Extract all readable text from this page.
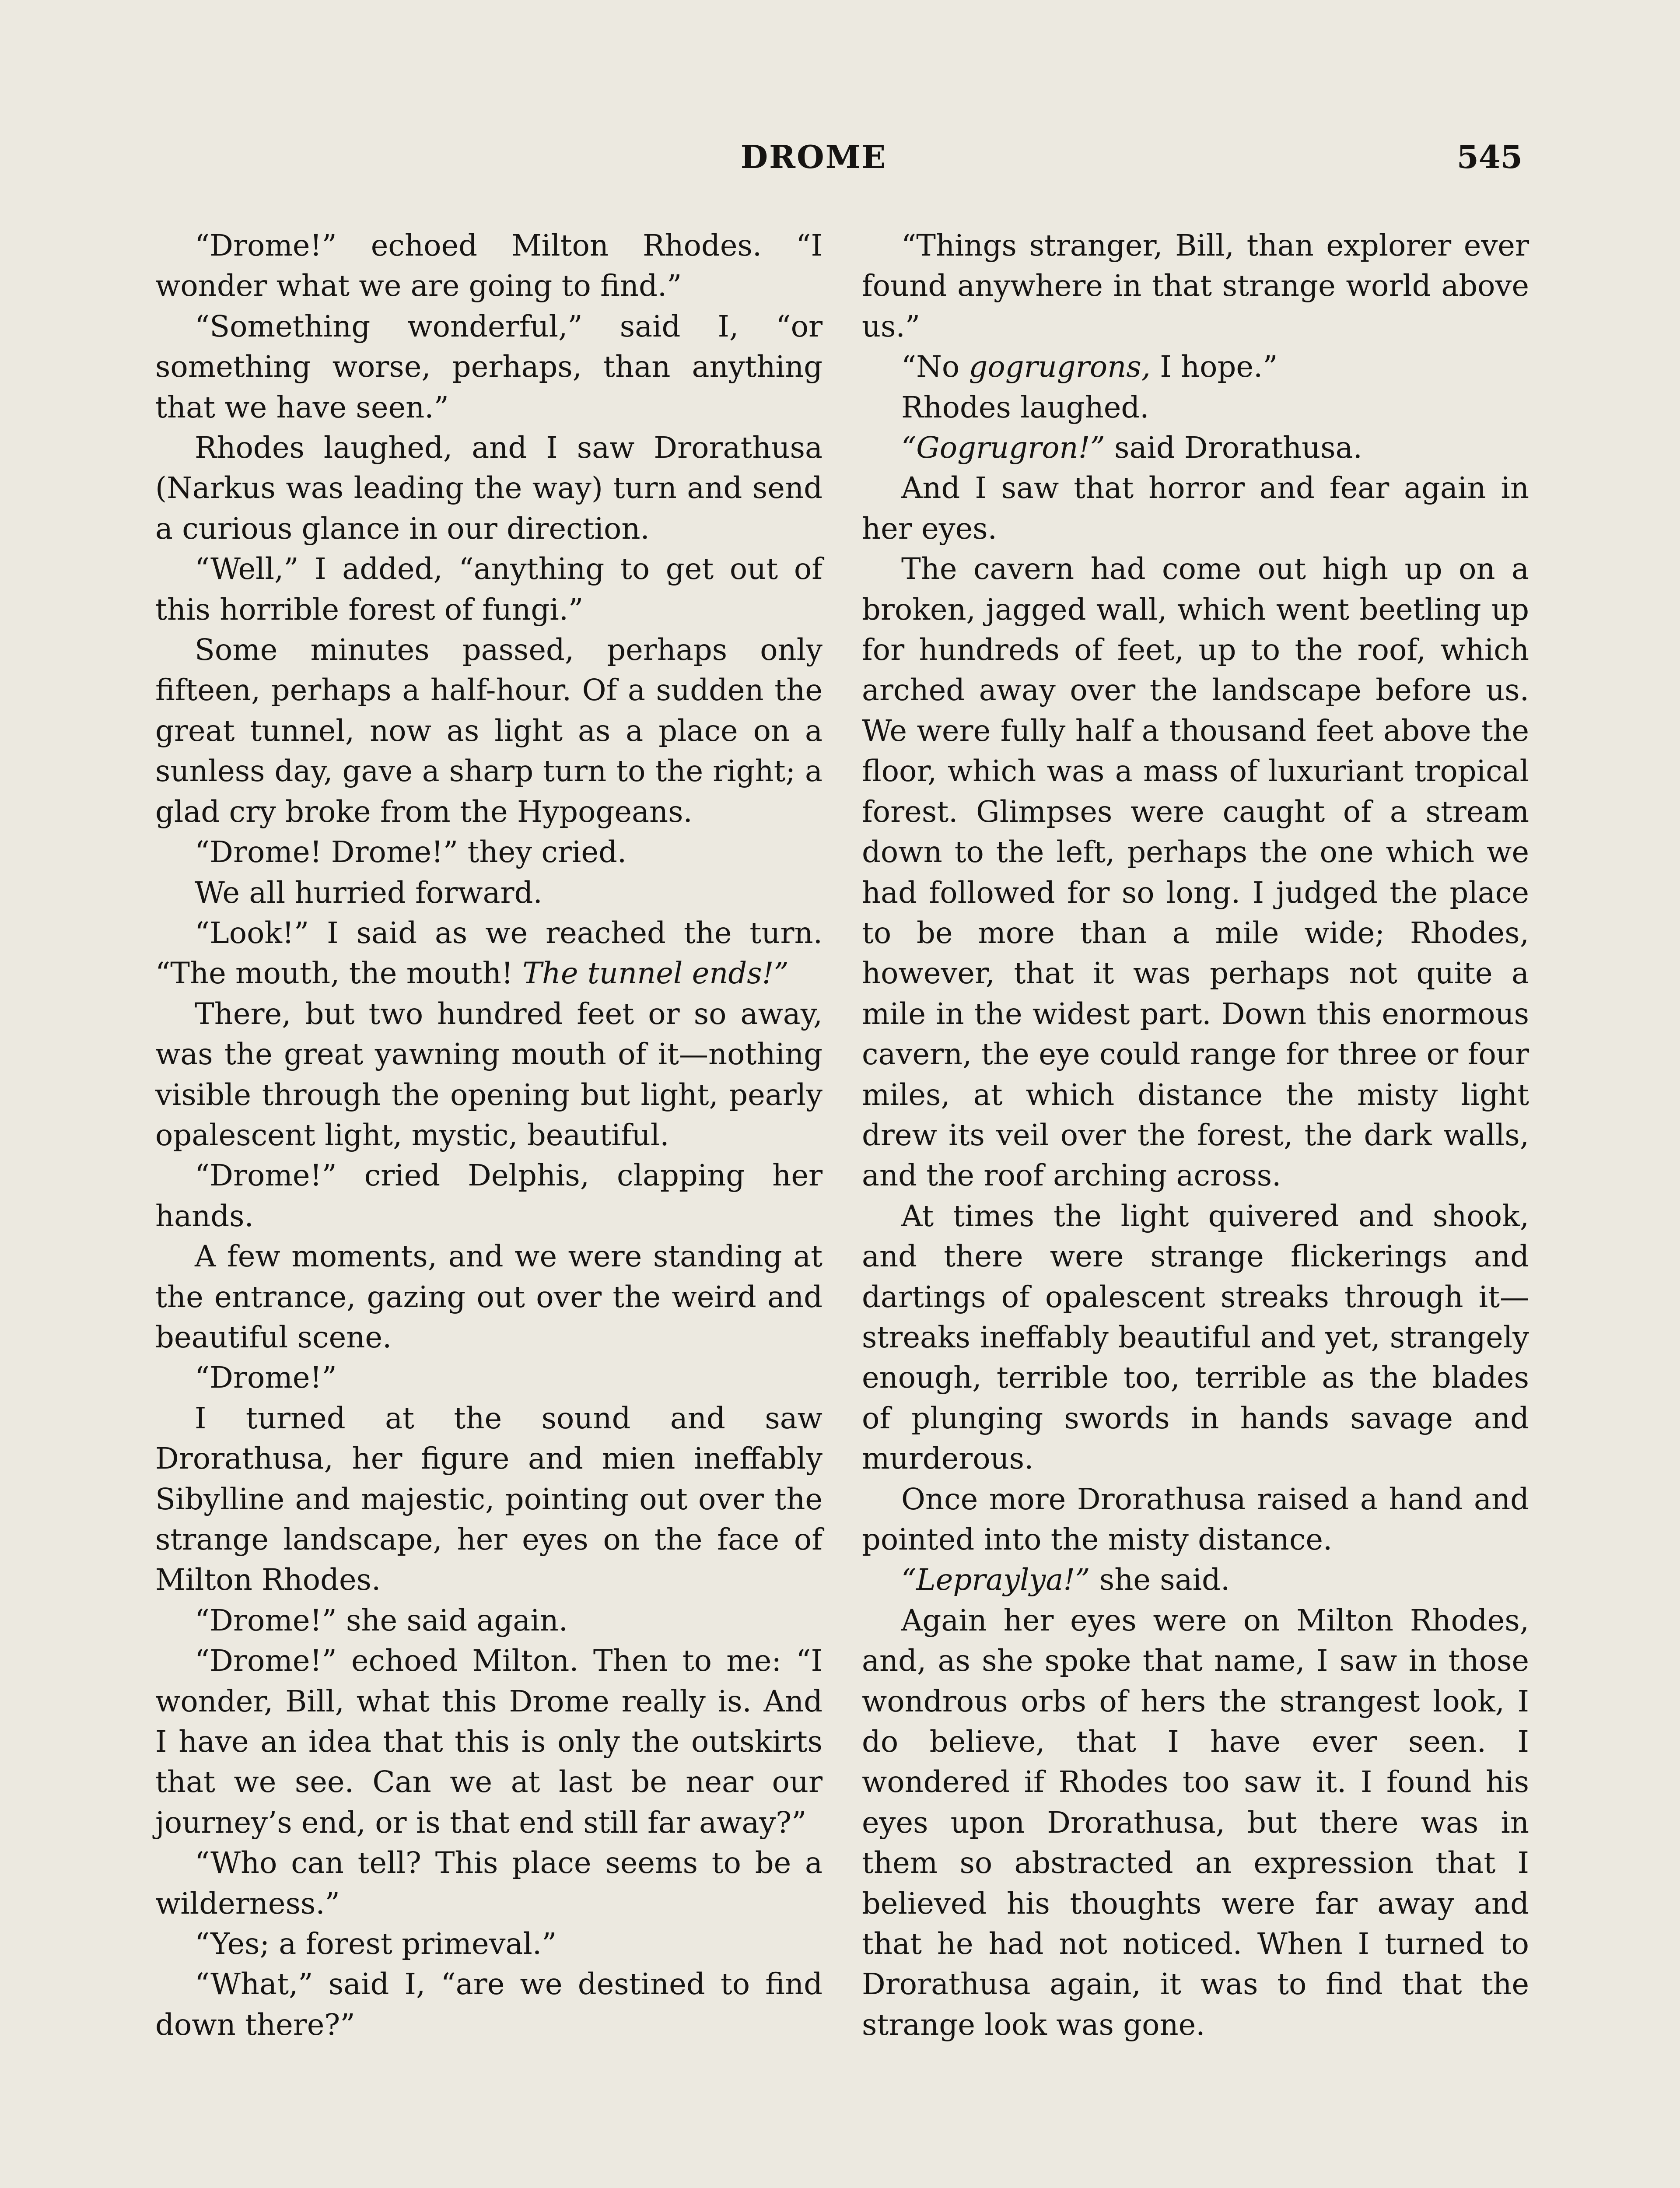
DROME	545

“Drome!” echoed Milton Rhodes. “I wonder what we are going to find.”

“Something wonderful,” said I, “or something worse, perhaps, than anything that we have seen.”

Rhodes laughed, and I saw Drorathusa (Narkus was leading the way) turn and send a curious glance in our direction.

“Well,” I added, “anything to get out of this horrible forest of fungi.”

Some minutes passed, perhaps only fifteen, perhaps a half-hour. Of a sudden the great tunnel, now as light as a place on a sunless day, gave a sharp turn to the right; a glad cry broke from the Hypogeans.

“Drome! Drome!” they cried.

We all hurried forward.

“Look!” I said as we reached the turn. “The mouth, the mouth! The tunnel ends!”

There, but two hundred feet or so away, was the great yawning mouth of it—nothing visible through the opening but light, pearly opalescent light, mystic, beautiful.

“Drome!” cried Delphis, clapping her hands.

A few moments, and we were standing at the entrance, gazing out over the weird and beautiful scene.

“Drome!”

I turned at the sound and saw Drorathusa, her figure and mien ineffably Sibylline and majestic, pointing out over the strange landscape, her eyes on the face of Milton Rhodes.

“Drome!” she said again.

“Drome!” echoed Milton. Then to me: “I wonder, Bill, what this Drome really is. And I have an idea that this is only the outskirts that we see. Can we at last be near our journey’s end, or is that end still far away?”

“Who can tell? This place seems to be a wilderness.”

“Yes; a forest primeval.”

“What,” said I, “are we destined to find down there?”

“Things stranger, Bill, than explorer ever found anywhere in that strange world above us.”

“No gogrugrons, I hope.”

Rhodes laughed.

“Gogrugron!” said Drorathusa.

And I saw that horror and fear again in her eyes.

The cavern had come out high up on a broken, jagged wall, which went beetling up for hundreds of feet, up to the roof, which arched away over the landscape before us. We were fully half a thousand feet above the floor, which was a mass of luxuriant tropical forest. Glimpses were caught of a stream down to the left, perhaps the one which we had followed for so long. I judged the place to be more than a mile wide; Rhodes, however, that it was perhaps not quite a mile in the widest part. Down this enormous cavern, the eye could range for three or four miles, at which distance the misty light drew its veil over the forest, the dark walls, and the roof arching across.

At times the light quivered and shook, and there were strange flickerings and dartings of opalescent streaks through it—streaks ineffably beautiful and yet, strangely enough, terrible too, terrible as the blades of plunging swords in hands savage and murderous.

Once more Drorathusa raised a hand and pointed into the misty distance.

“Lepraylya!” she said.

Again her eyes were on Milton Rhodes, and, as she spoke that name, I saw in those wondrous orbs of hers the strangest look, I do believe, that I have ever seen. I wondered if Rhodes too saw it. I found his eyes upon Drorathusa, but there was in them so abstracted an expression that I believed his thoughts were far away and that he had not noticed. When I turned to Drorathusa again, it was to find that the strange look was gone.
